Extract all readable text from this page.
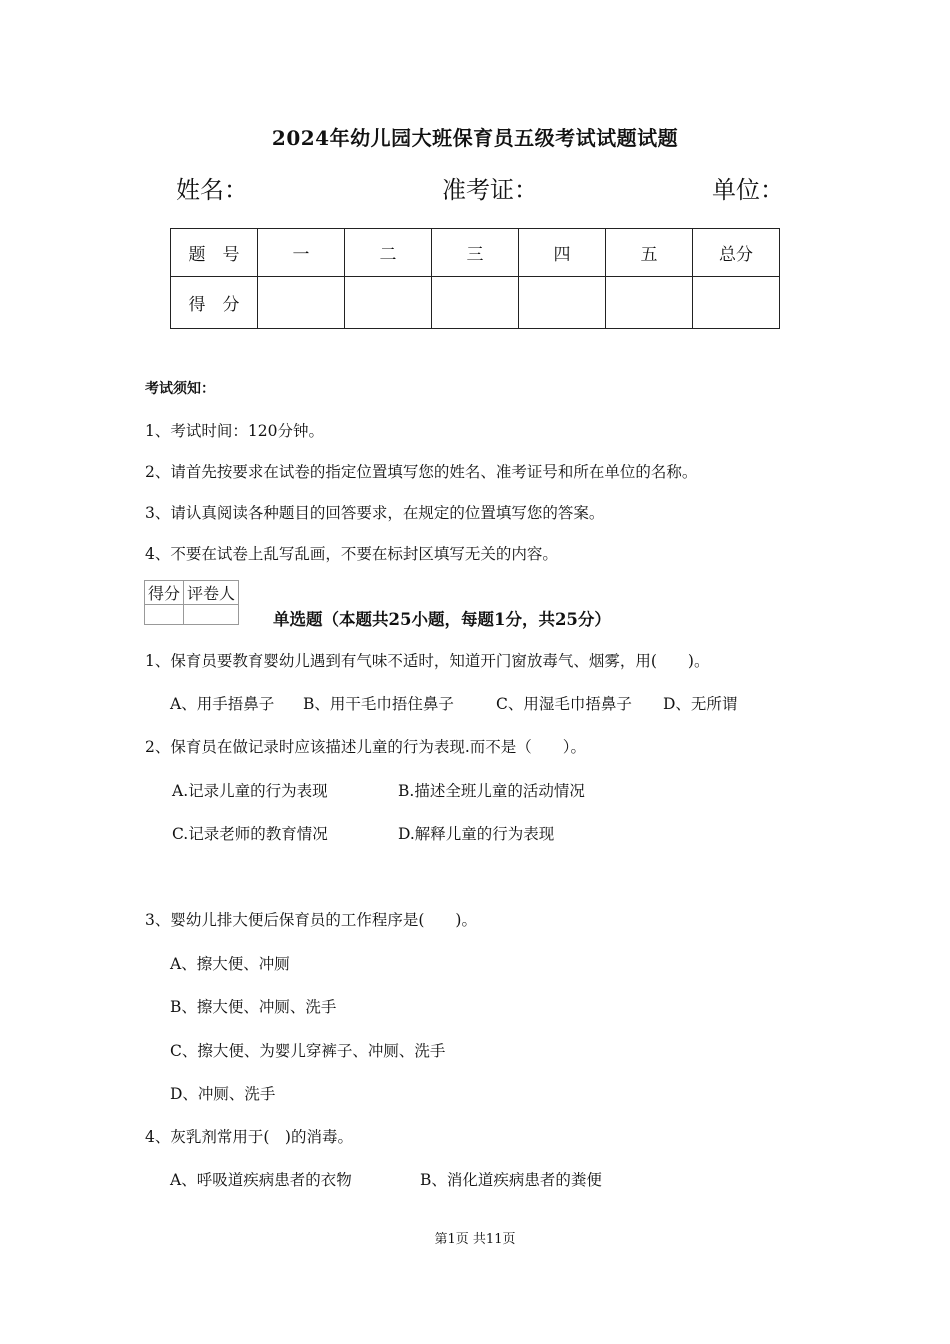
2024年幼儿园大班保育员五级考试试题试题
姓名：	准考证：	单位：
题　号	一	二	三	四	五	总分
得　分						
考试须知：
1、考试时间：120分钟。
2、请首先按要求在试卷的指定位置填写您的姓名、准考证号和所在单位的名称。
3、请认真阅读各种题目的回答要求，在规定的位置填写您的答案。
4、不要在试卷上乱写乱画，不要在标封区填写无关的内容。
得分	评卷人

单选题（本题共25小题，每题1分，共25分）
1、保育员要教育婴幼儿遇到有气味不适时，知道开门窗放毒气、烟雾，用(　　)。
A、用手捂鼻子 B、用干毛巾捂住鼻子	C、用湿毛巾捂鼻子 D、无所谓
2、保育员在做记录时应该描述儿童的行为表现.而不是（　　）。
A.记录儿童的行为表现	B.描述全班儿童的活动情况
C.记录老师的教育情况	D.解释儿童的行为表现
3、婴幼儿排大便后保育员的工作程序是(　　)。
A、擦大便、冲厕
B、擦大便、冲厕、洗手
C、擦大便、为婴儿穿裤子、冲厕、洗手
D、冲厕、洗手
4、灰乳剂常用于(　)的消毒。
A、呼吸道疾病患者的衣物	B、消化道疾病患者的粪便
第1页 共11页
